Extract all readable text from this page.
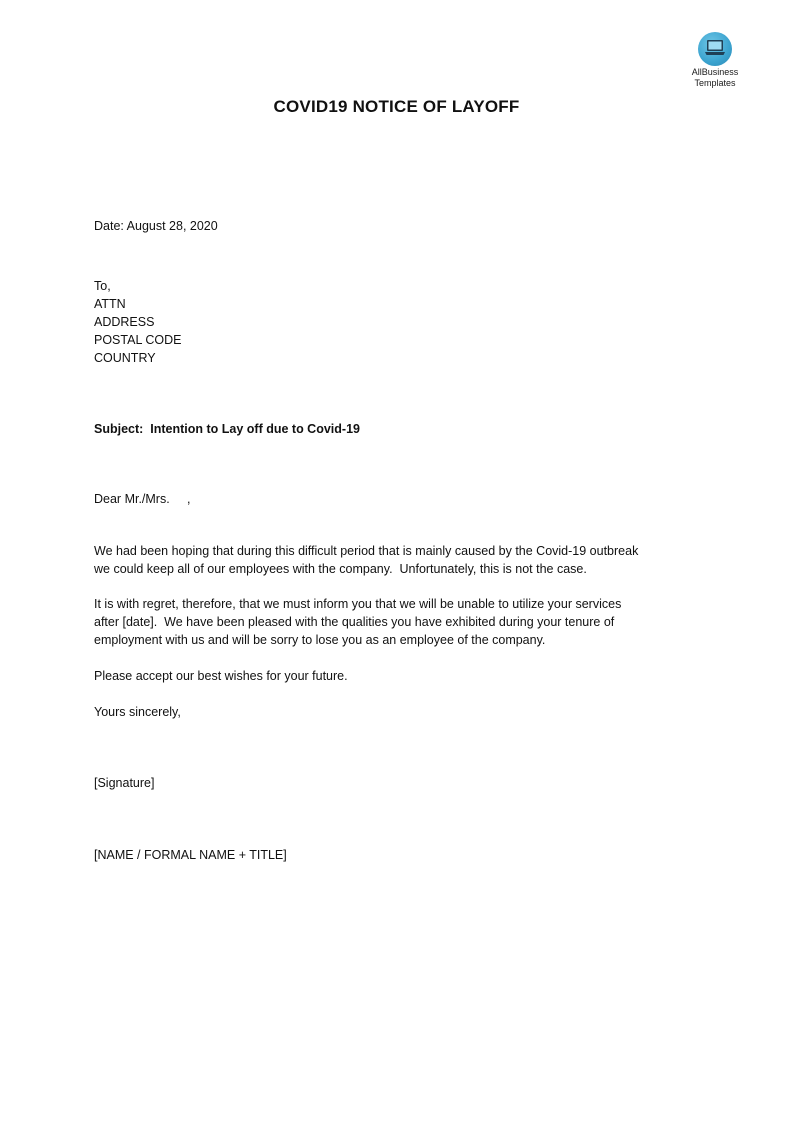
AllBusiness
Templates
COVID19 NOTICE OF LAYOFF
Date: August 28, 2020
To,
ATTN
ADDRESS
POSTAL CODE
COUNTRY
Subject: Intention to Lay off due to Covid-19
Dear Mr./Mrs.     ,
We had been hoping that during this difficult period that is mainly caused by the Covid-19 outbreak
we could keep all of our employees with the company.  Unfortunately, this is not the case.
It is with regret, therefore, that we must inform you that we will be unable to utilize your services
after [date].  We have been pleased with the qualities you have exhibited during your tenure of
employment with us and will be sorry to lose you as an employee of the company.
Please accept our best wishes for your future.
Yours sincerely,
[Signature]
[NAME / FORMAL NAME + TITLE]
